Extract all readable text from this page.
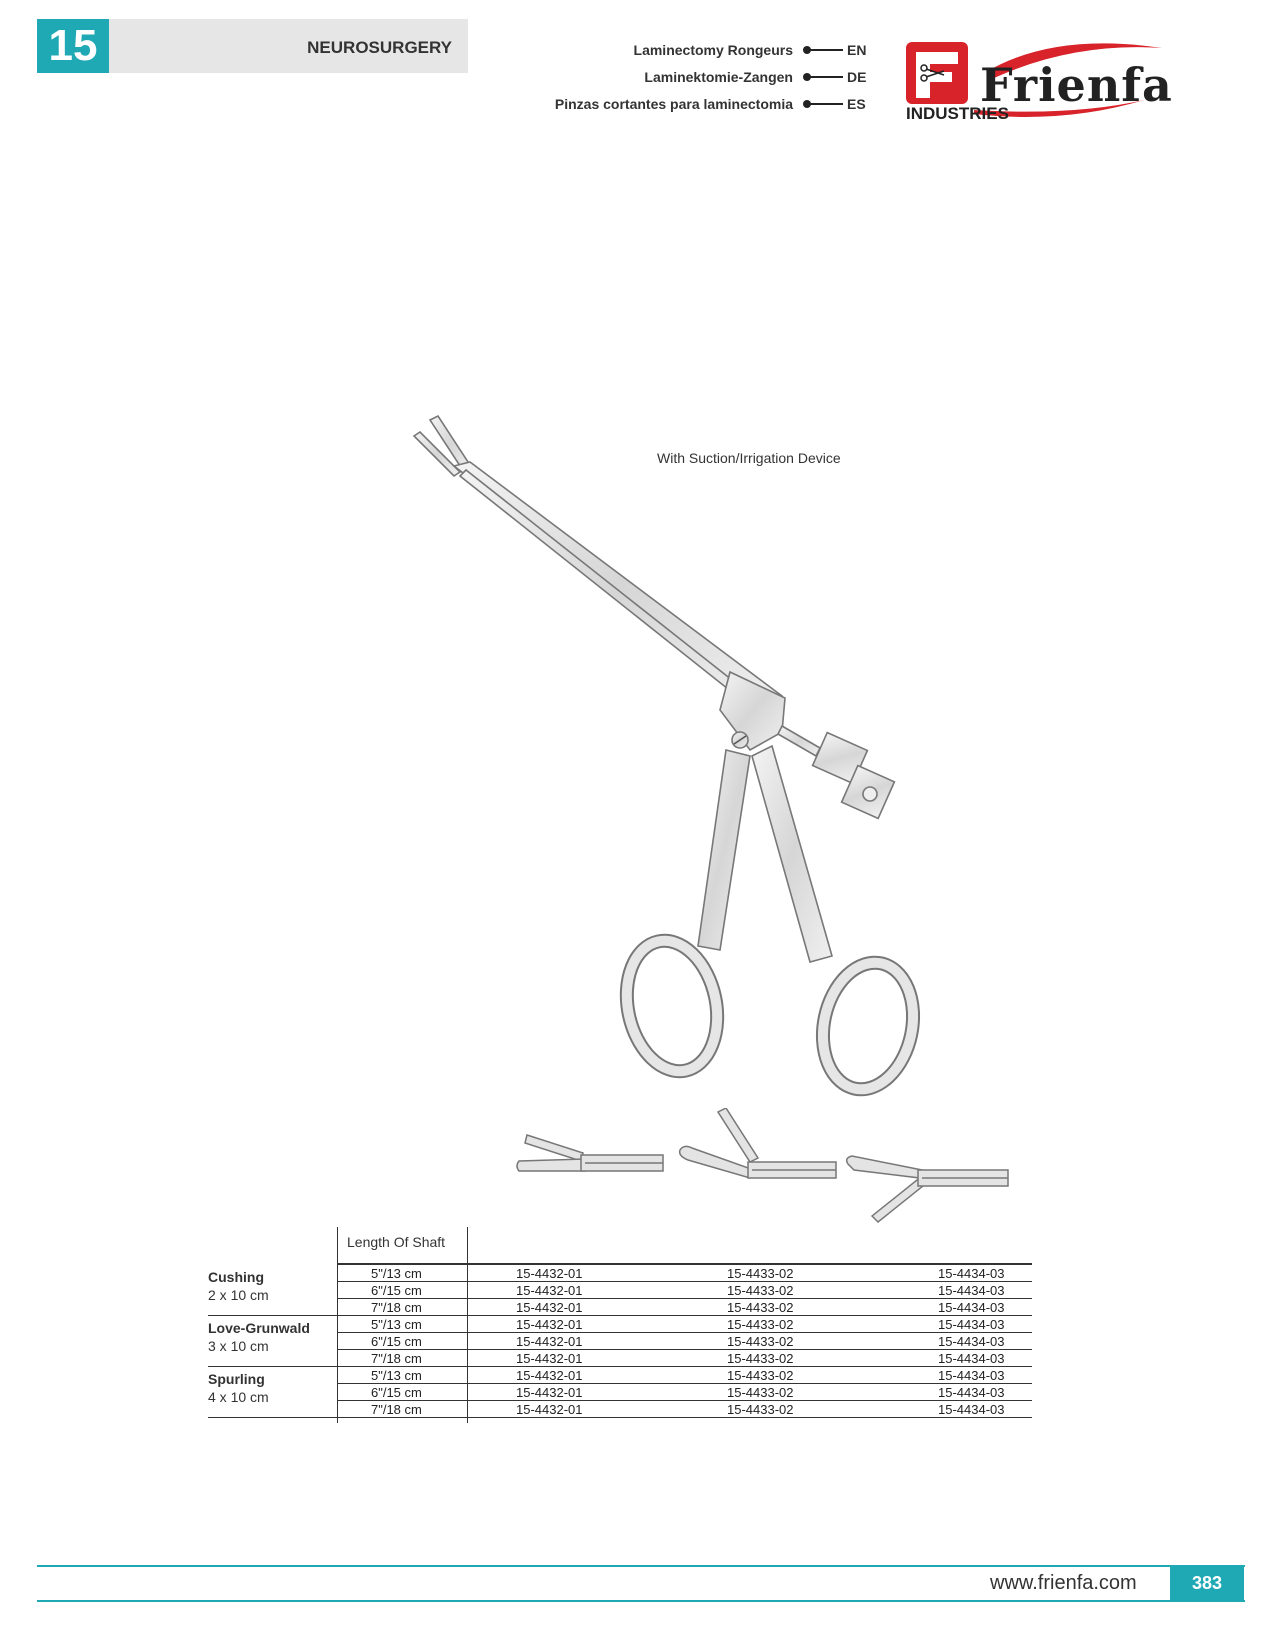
15	NEUROSURGERY	Laminectomy Rongeurs	EN
Laminektomie-Zangen	DE
Pinzas cortantes para laminectomia	ES Frienfa
INDUSTRIES
With Suction/Irrigation Device
Length Of Shaft
Cushing
2 x 10 cm
5"/13 cm	15-4432-01	15-4433-02	15-4434-03
6"/15 cm	15-4432-01	15-4433-02	15-4434-03
7"/18 cm	15-4432-01	15-4433-02	15-4434-03
Love-Grunwald
3 x 10 cm
5"/13 cm	15-4432-01	15-4433-02	15-4434-03
6"/15 cm	15-4432-01	15-4433-02	15-4434-03
7"/18 cm	15-4432-01	15-4433-02	15-4434-03
Spurling
4 x 10 cm
5"/13 cm	15-4432-01	15-4433-02	15-4434-03
6"/15 cm	15-4432-01	15-4433-02	15-4434-03
7"/18 cm	15-4432-01	15-4433-02	15-4434-03
www.frienfa.com	383
